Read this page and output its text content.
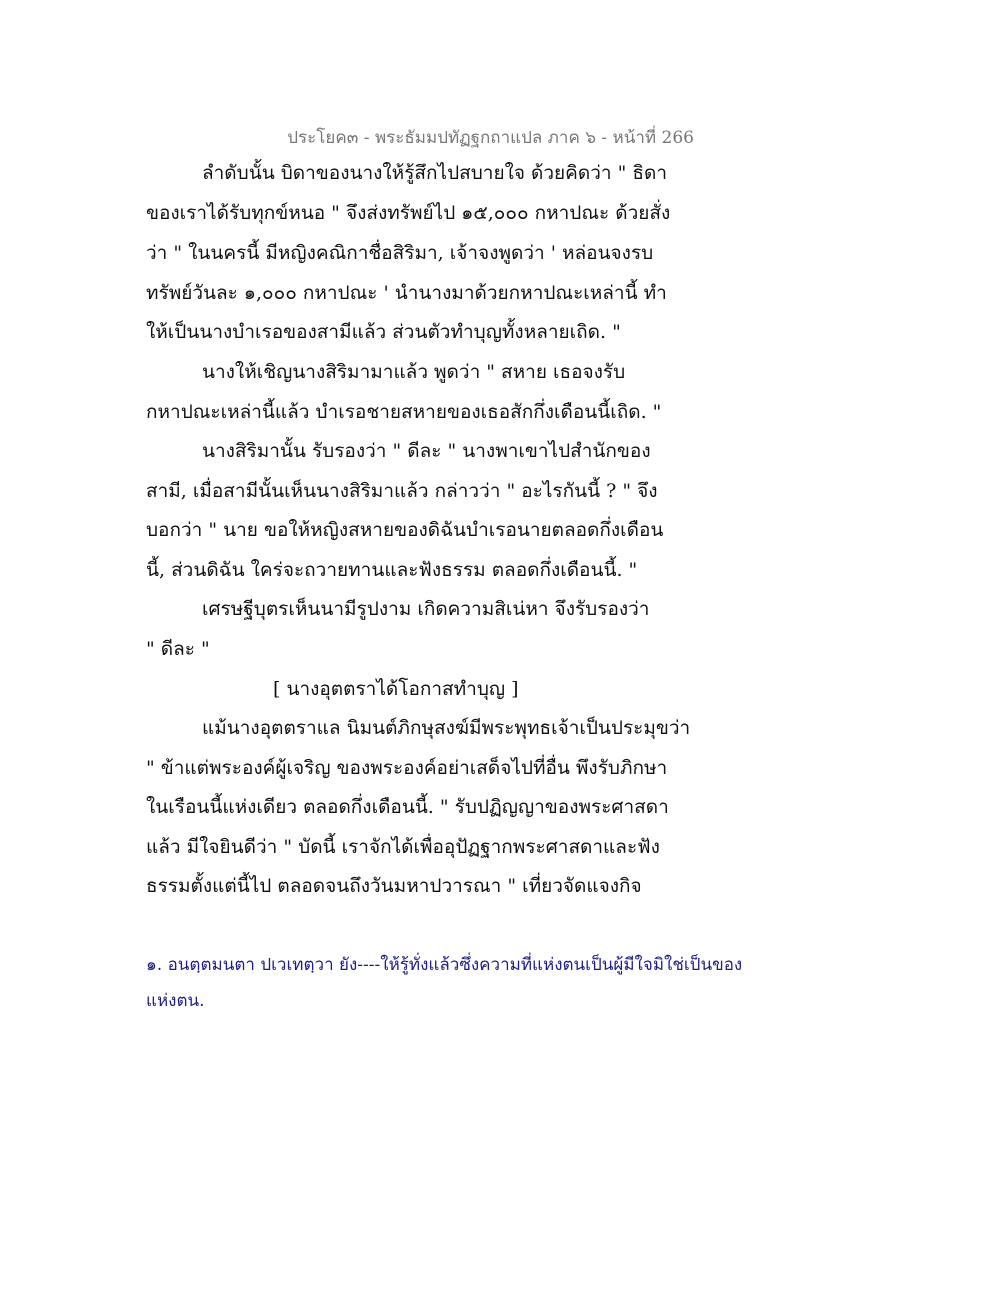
ประโยค๓ - พระธัมมปทัฏฐกถาแปล ภาค ๖ - หน้าที่ 266
ลำดับนั้น บิดาของนางให้รู้สึกไปสบายใจ ด้วยคิดว่า " ธิดา
ของเราได้รับทุกข์หนอ " จึงส่งทรัพย์ไป ๑๕,๐๐๐ กหาปณะ ด้วยสั่ง
ว่า " ในนครนี้ มีหญิงคณิกาชื่อสิริมา, เจ้าจงพูดว่า ' หล่อนจงรบ
ทรัพย์วันละ ๑,๐๐๐ กหาปณะ ' นำนางมาด้วยกหาปณะเหล่านี้ ทำ
ให้เป็นนางบำเรอของสามีแล้ว ส่วนตัวทำบุญทั้งหลายเถิด. "
นางให้เชิญนางสิริมามาแล้ว พูดว่า " สหาย เธอจงรับ
กหาปณะเหล่านี้แล้ว บำเรอชายสหายของเธอสักกึ่งเดือนนี้เถิด. "
นางสิริมานั้น รับรองว่า " ดีละ " นางพาเขาไปสำนักของ
สามี, เมื่อสามีนั้นเห็นนางสิริมาแล้ว กล่าวว่า " อะไรกันนี้ ? " จึง
บอกว่า " นาย ขอให้หญิงสหายของดิฉันบำเรอนายตลอดกึ่งเดือน
นี้, ส่วนดิฉัน ใคร่จะถวายทานและฟังธรรม ตลอดกึ่งเดือนนี้. "
เศรษฐีบุตรเห็นนามีรูปงาม เกิดความสิเน่หา จึงรับรองว่า
" ดีละ "
[ นางอุตตราได้โอกาสทำบุญ ]
แม้นางอุตตราแล นิมนต์ภิกษุสงฆ์มีพระพุทธเจ้าเป็นประมุขว่า
" ข้าแต่พระองค์ผู้เจริญ ของพระองค์อย่าเสด็จไปที่อื่น พึงรับภิกษา
ในเรือนนี้แห่งเดียว ตลอดกึ่งเดือนนี้. " รับปฏิญญาของพระศาสดา
แล้ว มีใจยินดีว่า " บัดนี้ เราจักได้เพื่ออุปัฏฐากพระศาสดาและฟัง
ธรรมตั้งแต่นี้ไป ตลอดจนถึงวันมหาปวารณา " เที่ยวจัดแจงกิจ
๑. อนตฺตมนตา ปเวเทตฺวา ยัง----ให้รู้ทั่งแล้วซึ่งความที่แห่งตนเป็นผู้มีใจมิใช่เป็นของ
แห่งตน.
